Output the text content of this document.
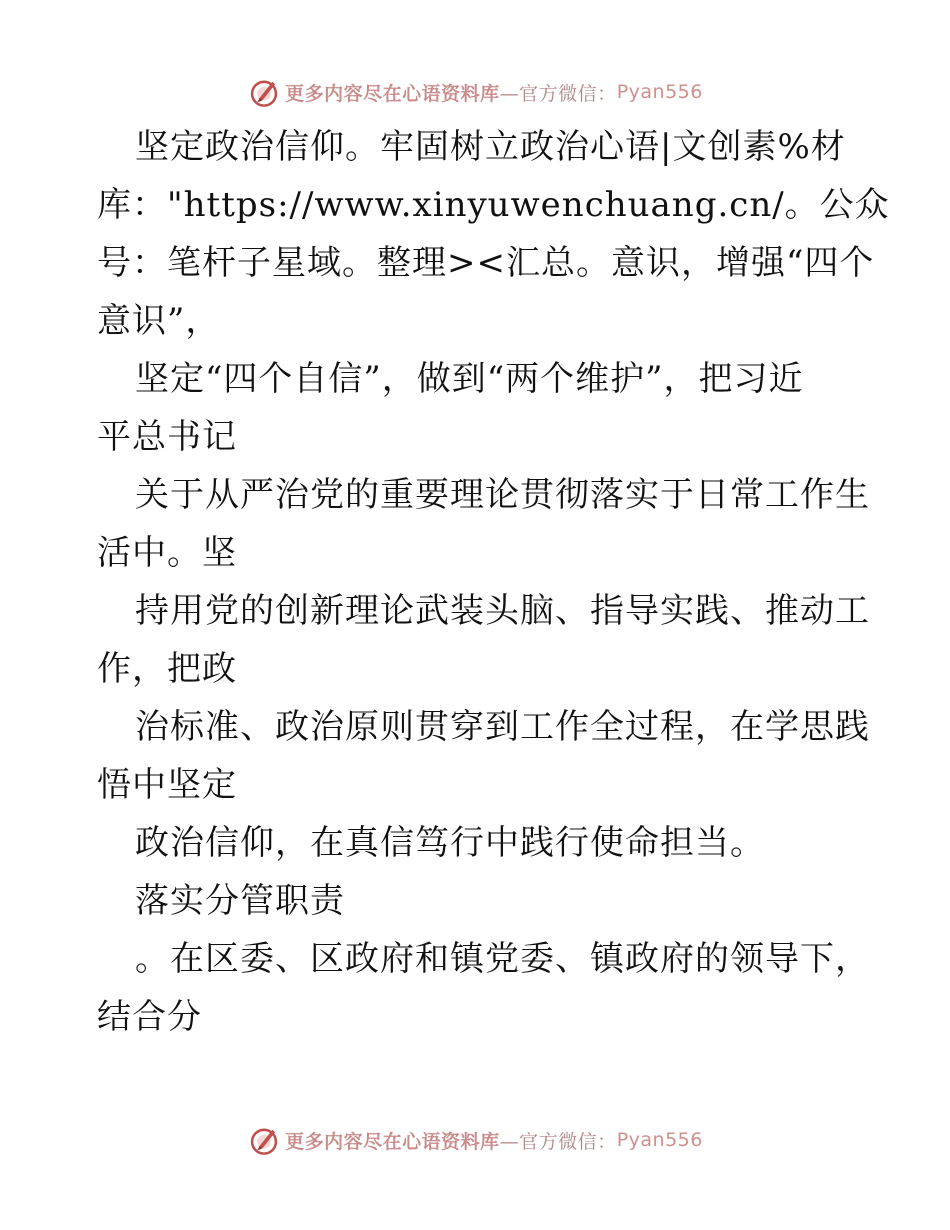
更多内容尽在心语资料库 —官方微信： Pyan556
坚定政治信仰。牢固树立政治心语|文创素%材
库："https://www.xinyuwenchuang.cn/。公众
号：笔杆子星域。整理><汇总。意识，增强“四个
意识”，
坚定“四个自信”，做到“两个维护”，把习近
平总书记
关于从严治党的重要理论贯彻落实于日常工作生
活中。坚
持用党的创新理论武装头脑、指导实践、推动工
作，把政
治标准、政治原则贯穿到工作全过程，在学思践
悟中坚定
政治信仰，在真信笃行中践行使命担当。
落实分管职责
。在区委、区政府和镇党委、镇政府的领导下，
结合分
更多内容尽在心语资料库 —官方微信： Pyan556
